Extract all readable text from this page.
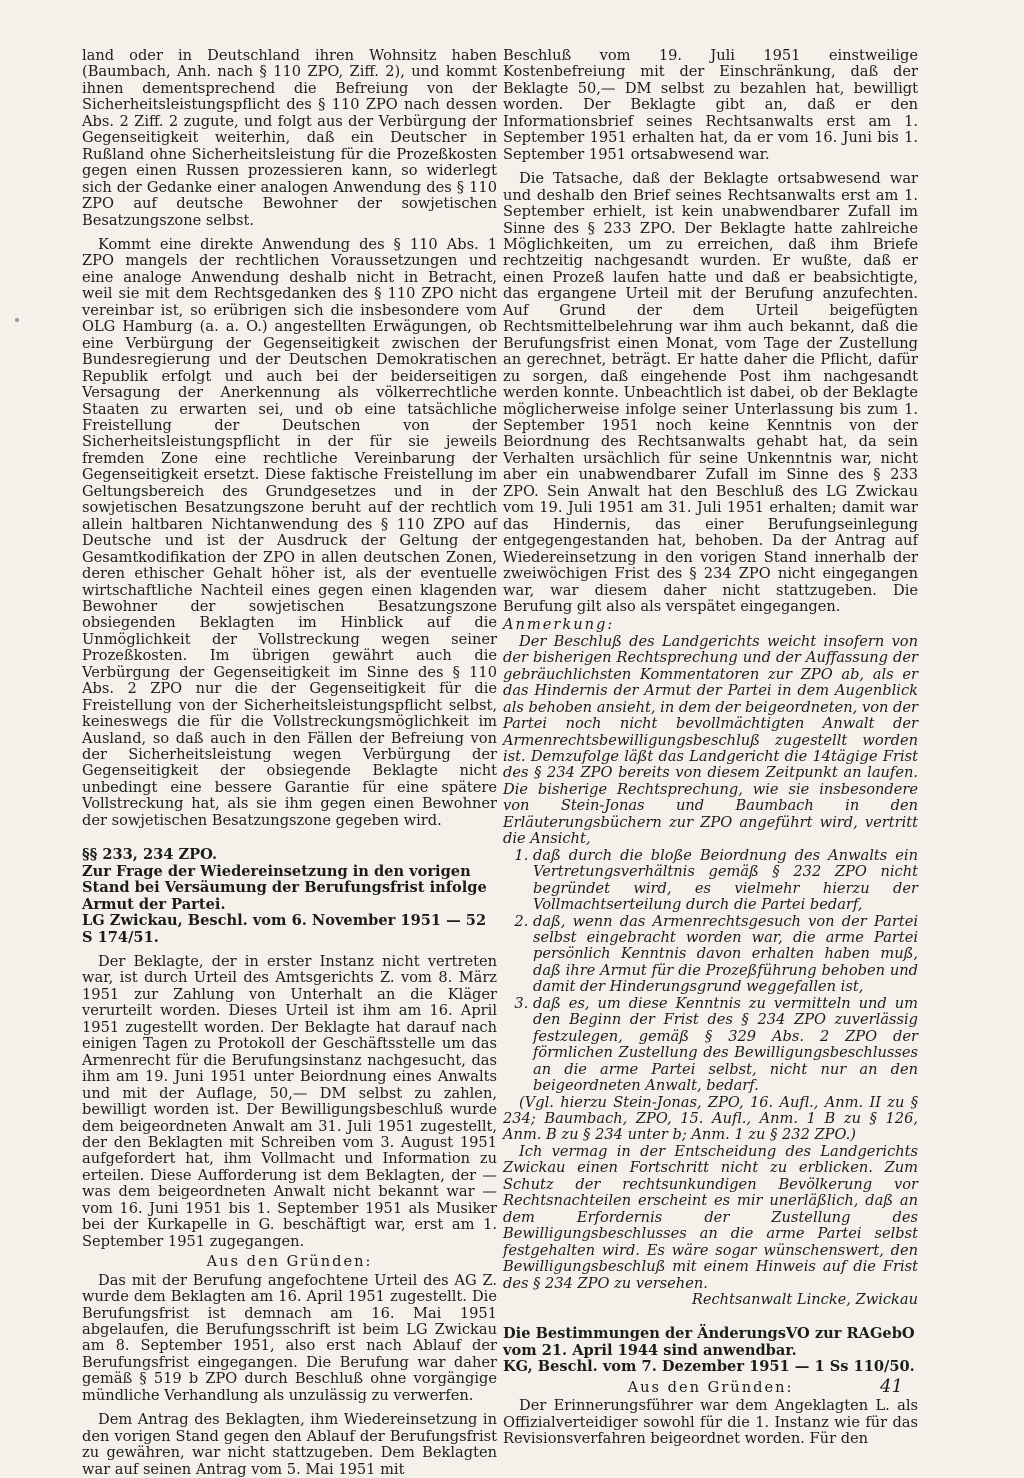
land oder in Deutschland ihren Wohnsitz haben (Baumbach, Anh. nach § 110 ZPO, Ziff. 2), und kommt ihnen dementsprechend die Befreiung von der Sicherheitsleistungspflicht des § 110 ZPO nach dessen Abs. 2 Ziff. 2 zugute, und folgt aus der Verbürgung der Gegenseitigkeit weiterhin, daß ein Deutscher in Rußland ohne Sicherheitsleistung für die Prozeßkosten gegen einen Russen prozessieren kann, so widerlegt sich der Gedanke einer analogen Anwendung des § 110 ZPO auf deutsche Bewohner der sowjetischen Besatzungszone selbst.

Kommt eine direkte Anwendung des § 110 Abs. 1 ZPO mangels der rechtlichen Voraussetzungen und eine analoge Anwendung deshalb nicht in Betracht, weil sie mit dem Rechtsgedanken des § 110 ZPO nicht vereinbar ist, so erübrigen sich die insbesondere vom OLG Hamburg (a. a. O.) angestellten Erwägungen, ob eine Verbürgung der Gegenseitigkeit zwischen der Bundesregierung und der Deutschen Demokratischen Republik erfolgt und auch bei der beiderseitigen Versagung der Anerkennung als völkerrechtliche Staaten zu erwarten sei, und ob eine tatsächliche Freistellung der Deutschen von der Sicherheitsleistungspflicht in der für sie jeweils fremden Zone eine rechtliche Vereinbarung der Gegenseitigkeit ersetzt. Diese faktische Freistellung im Geltungsbereich des Grundgesetzes und in der sowjetischen Besatzungszone beruht auf der rechtlich allein haltbaren Nichtanwendung des § 110 ZPO auf Deutsche und ist der Ausdruck der Geltung der Gesamtkodifikation der ZPO in allen deutschen Zonen, deren ethischer Gehalt höher ist, als der eventuelle wirtschaftliche Nachteil eines gegen einen klagenden Bewohner der sowjetischen Besatzungszone obsiegenden Beklagten im Hinblick auf die Unmöglichkeit der Vollstreckung wegen seiner Prozeßkosten. Im übrigen gewährt auch die Verbürgung der Gegenseitigkeit im Sinne des § 110 Abs. 2 ZPO nur die der Gegenseitigkeit für die Freistellung von der Sicherheitsleistungspflicht selbst, keineswegs die für die Vollstreckungsmöglichkeit im Ausland, so daß auch in den Fällen der Befreiung von der Sicherheitsleistung wegen Verbürgung der Gegenseitigkeit der obsiegende Beklagte nicht unbedingt eine bessere Garantie für eine spätere Vollstreckung hat, als sie ihm gegen einen Bewohner der sowjetischen Besatzungszone gegeben wird.

§§ 233, 234 ZPO.
Zur Frage der Wiedereinsetzung in den vorigen Stand bei Versäumung der Berufungsfrist infolge Armut der Partei.
LG Zwickau, Beschl. vom 6. November 1951 — 52 S 174/51.

Der Beklagte, der in erster Instanz nicht vertreten war, ist durch Urteil des Amtsgerichts Z. vom 8. März 1951 zur Zahlung von Unterhalt an die Kläger verurteilt worden. Dieses Urteil ist ihm am 16. April 1951 zugestellt worden. Der Beklagte hat darauf nach einigen Tagen zu Protokoll der Geschäftsstelle um das Armenrecht für die Berufungsinstanz nachgesucht, das ihm am 19. Juni 1951 unter Beiordnung eines Anwalts und mit der Auflage, 50,— DM selbst zu zahlen, bewilligt worden ist. Der Bewilligungsbeschluß wurde dem beigeordneten Anwalt am 31. Juli 1951 zugestellt, der den Beklagten mit Schreiben vom 3. August 1951 aufgefordert hat, ihm Vollmacht und Information zu erteilen. Diese Aufforderung ist dem Beklagten, der — was dem beigeordneten Anwalt nicht bekannt war — vom 16. Juni 1951 bis 1. September 1951 als Musiker bei der Kurkapelle in G. beschäftigt war, erst am 1. September 1951 zugegangen.

Aus den Gründen:

Das mit der Berufung angefochtene Urteil des AG Z. wurde dem Beklagten am 16. April 1951 zugestellt. Die Berufungsfrist ist demnach am 16. Mai 1951 abgelaufen, die Berufungsschrift ist beim LG Zwickau am 8. September 1951, also erst nach Ablauf der Berufungsfrist eingegangen. Die Berufung war daher gemäß § 519 b ZPO durch Beschluß ohne vorgängige mündliche Verhandlung als unzulässig zu verwerfen.

Dem Antrag des Beklagten, ihm Wiedereinsetzung in den vorigen Stand gegen den Ablauf der Berufungsfrist zu gewähren, war nicht stattzugeben. Dem Beklagten war auf seinen Antrag vom 5. Mai 1951 mit

Beschluß vom 19. Juli 1951 einstweilige Kostenbefreiung mit der Einschränkung, daß der Beklagte 50,— DM selbst zu bezahlen hat, bewilligt worden. Der Beklagte gibt an, daß er den Informationsbrief seines Rechtsanwalts erst am 1. September 1951 erhalten hat, da er vom 16. Juni bis 1. September 1951 ortsabwesend war.

Die Tatsache, daß der Beklagte ortsabwesend war und deshalb den Brief seines Rechtsanwalts erst am 1. September erhielt, ist kein unabwendbarer Zufall im Sinne des § 233 ZPO. Der Beklagte hatte zahlreiche Möglichkeiten, um zu erreichen, daß ihm Briefe rechtzeitig nachgesandt wurden. Er wußte, daß er einen Prozeß laufen hatte und daß er beabsichtigte, das ergangene Urteil mit der Berufung anzufechten. Auf Grund der dem Urteil beigefügten Rechtsmittelbelehrung war ihm auch bekannt, daß die Berufungsfrist einen Monat, vom Tage der Zustellung an gerechnet, beträgt. Er hatte daher die Pflicht, dafür zu sorgen, daß eingehende Post ihm nachgesandt werden konnte. Unbeachtlich ist dabei, ob der Beklagte möglicherweise infolge seiner Unterlassung bis zum 1. September 1951 noch keine Kenntnis von der Beiordnung des Rechtsanwalts gehabt hat, da sein Verhalten ursächlich für seine Unkenntnis war, nicht aber ein unabwendbarer Zufall im Sinne des § 233 ZPO. Sein Anwalt hat den Beschluß des LG Zwickau vom 19. Juli 1951 am 31. Juli 1951 erhalten; damit war das Hindernis, das einer Berufungseinlegung entgegengestanden hat, behoben. Da der Antrag auf Wiedereinsetzung in den vorigen Stand innerhalb der zweiwöchigen Frist des § 234 ZPO nicht eingegangen war, war diesem daher nicht stattzugeben. Die Berufung gilt also als verspätet eingegangen.

Anmerkung:

Der Beschluß des Landgerichts weicht insofern von der bisherigen Rechtsprechung und der Auffassung der gebräuchlichsten Kommentatoren zur ZPO ab, als er das Hindernis der Armut der Partei in dem Augenblick als behoben ansieht, in dem der beigeordneten, von der Partei noch nicht bevollmächtigten Anwalt der Armenrechtsbewilligungsbeschluß zugestellt worden ist. Demzufolge läßt das Landgericht die 14tägige Frist des § 234 ZPO bereits von diesem Zeitpunkt an laufen. Die bisherige Rechtsprechung, wie sie insbesondere von Stein-Jonas und Baumbach in den Erläuterungsbüchern zur ZPO angeführt wird, vertritt die Ansicht,

1. daß durch die bloße Beiordnung des Anwalts ein Vertretungsverhältnis gemäß § 232 ZPO nicht begründet wird, es vielmehr hierzu der Vollmachtserteilung durch die Partei bedarf,
2. daß, wenn das Armenrechtsgesuch von der Partei selbst eingebracht worden war, die arme Partei persönlich Kenntnis davon erhalten haben muß, daß ihre Armut für die Prozeßführung behoben und damit der Hinderungsgrund weggefallen ist,
3. daß es, um diese Kenntnis zu vermitteln und um den Beginn der Frist des § 234 ZPO zuverlässig festzulegen, gemäß § 329 Abs. 2 ZPO der förmlichen Zustellung des Bewilligungsbeschlusses an die arme Partei selbst, nicht nur an den beigeordneten Anwalt, bedarf.

(Vgl. hierzu Stein-Jonas, ZPO, 16. Aufl., Anm. II zu § 234; Baumbach, ZPO, 15. Aufl., Anm. 1 B zu § 126, Anm. B zu § 234 unter b; Anm. 1 zu § 232 ZPO.)

Ich vermag in der Entscheidung des Landgerichts Zwickau einen Fortschritt nicht zu erblicken. Zum Schutz der rechtsunkundigen Bevölkerung vor Rechtsnachteilen erscheint es mir unerläßlich, daß an dem Erfordernis der Zustellung des Bewilligungsbeschlusses an die arme Partei selbst festgehalten wird. Es wäre sogar wünschenswert, den Bewilligungsbeschluß mit einem Hinweis auf die Frist des § 234 ZPO zu versehen.

Rechtsanwalt Lincke, Zwickau
Die Bestimmungen der ÄnderungsVO zur RAGebO vom 21. April 1944 sind anwendbar.
KG, Beschl. vom 7. Dezember 1951 — 1 Ss 110/50.
Aus den Gründen:

Der Erinnerungsführer war dem Angeklagten L. als Offizialverteidiger sowohl für die 1. Instanz wie für das Revisionsverfahren beigeordnet worden. Für den

41
